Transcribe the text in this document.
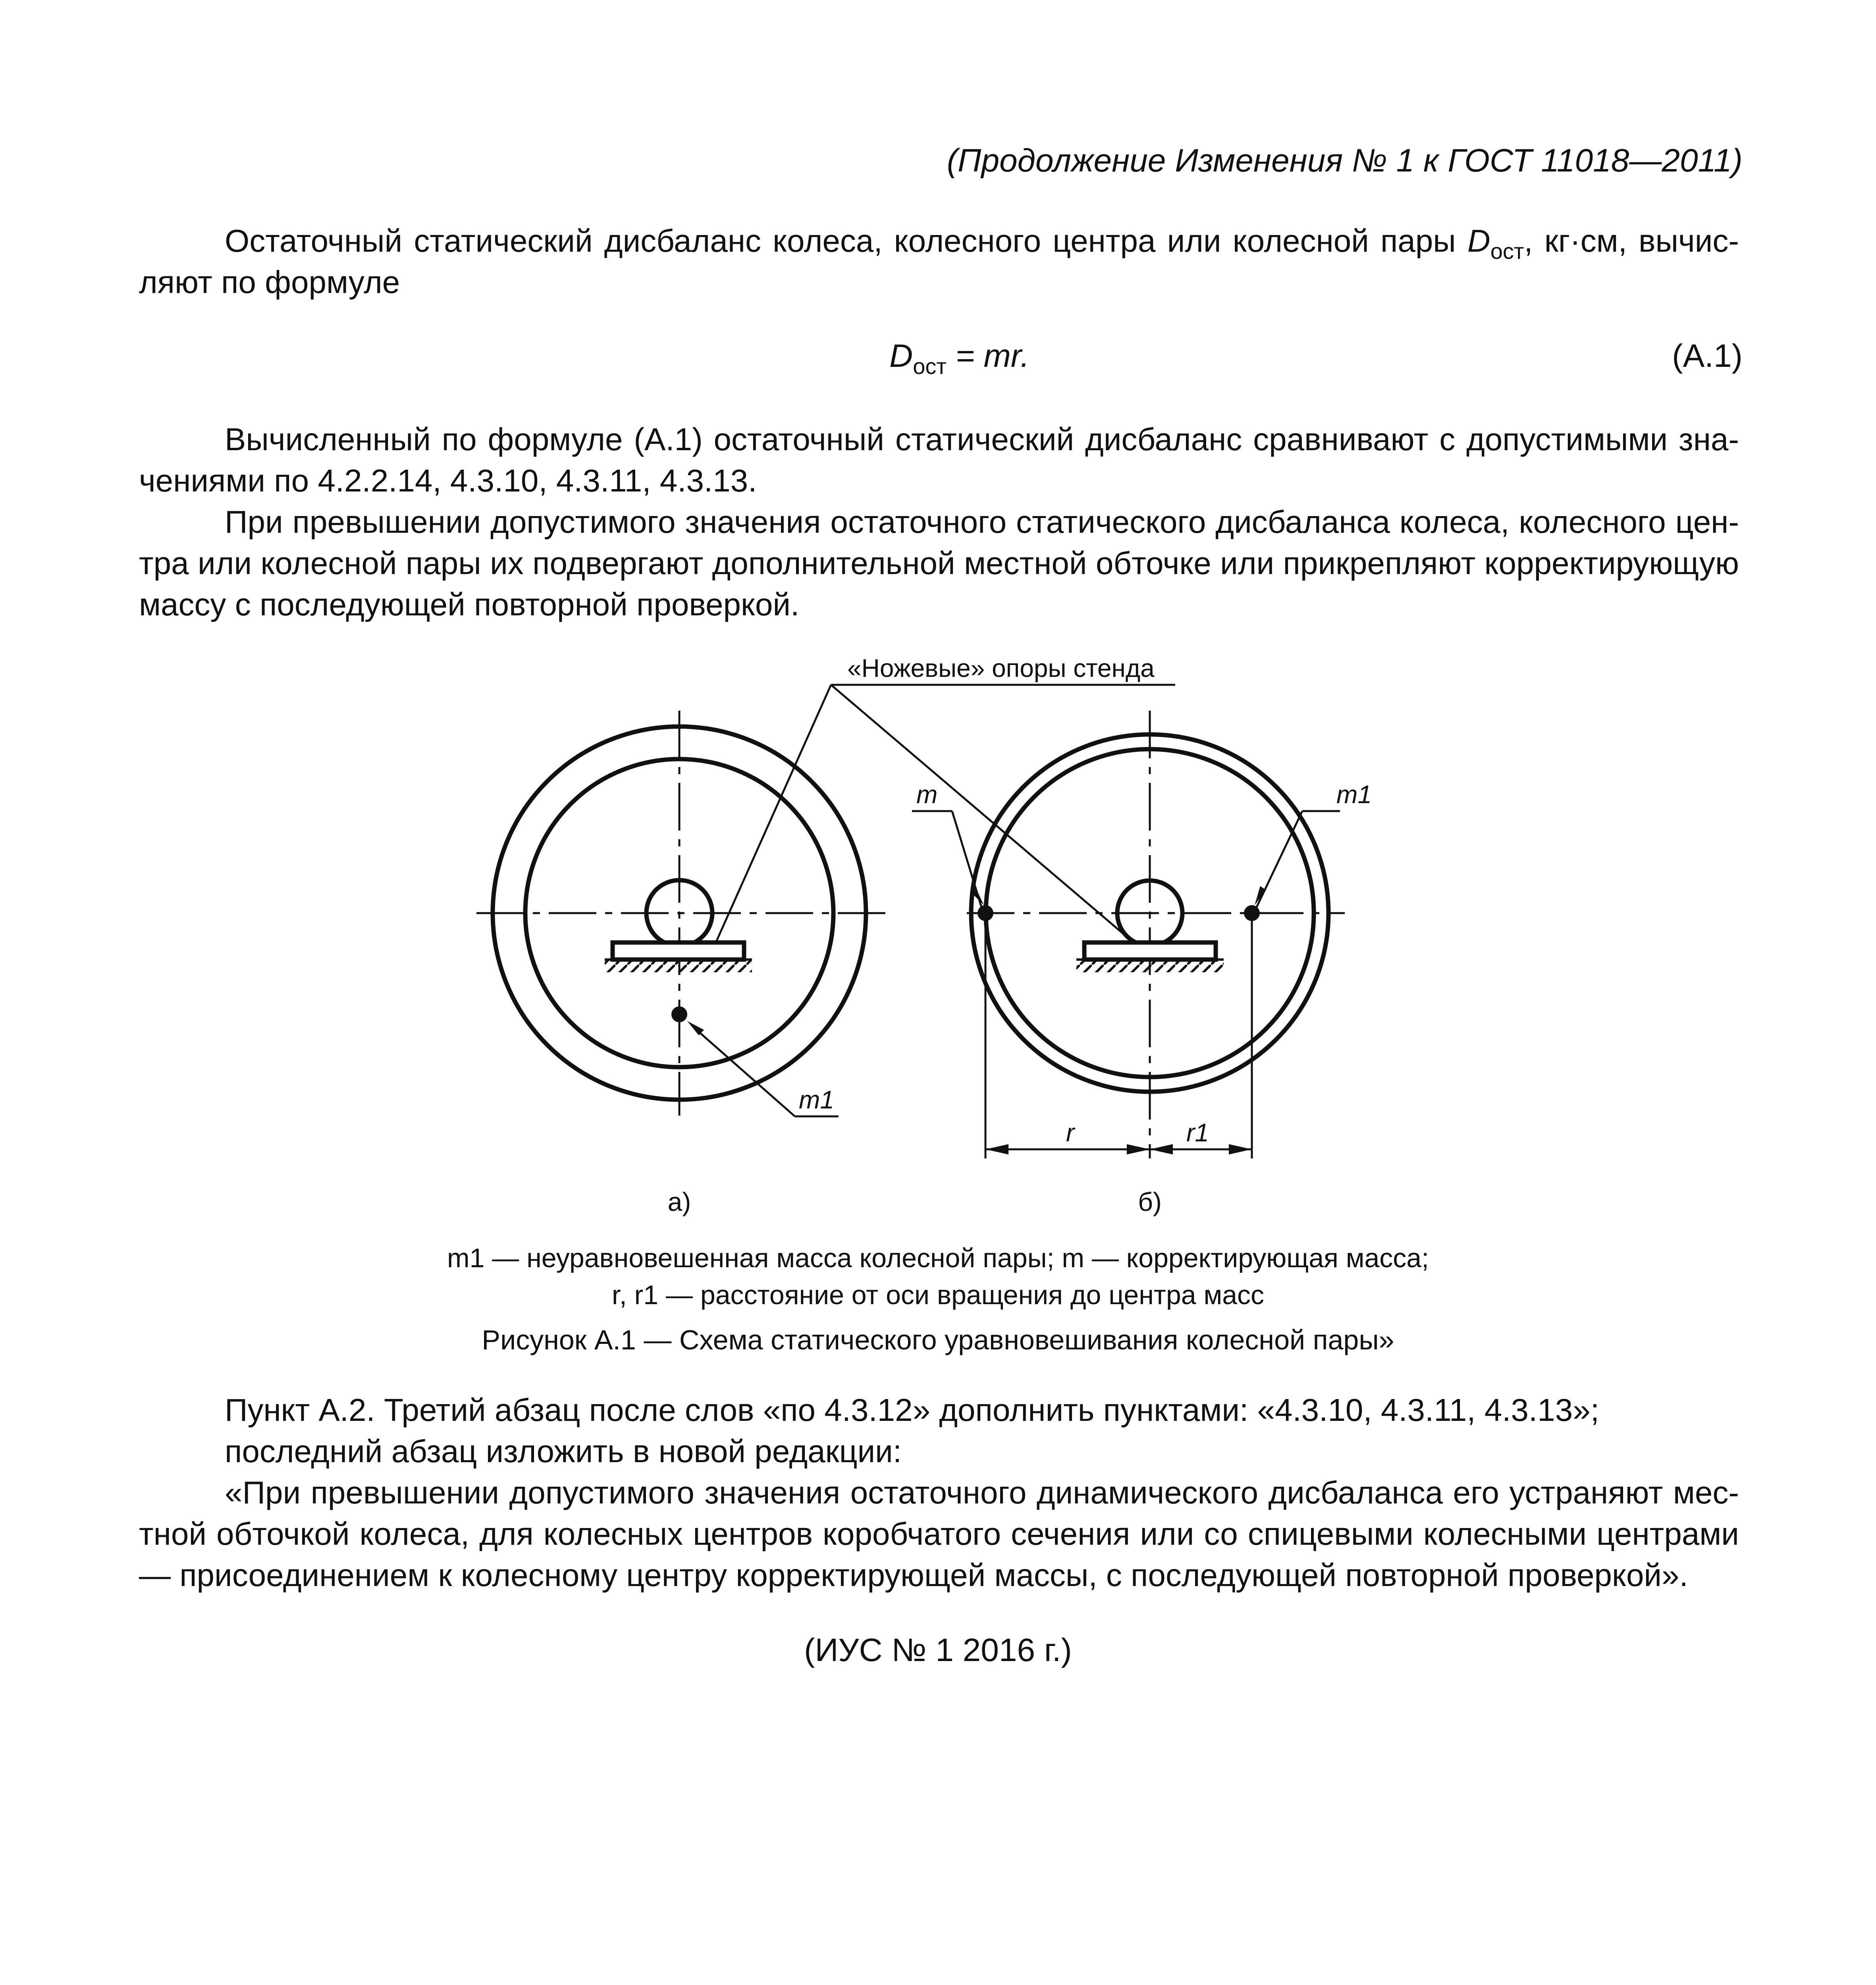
(Продолжение Изменения № 1 к ГОСТ 11018—2011)
Остаточный статический дисбаланс колеса, колесного центра или колесной пары $D_{ост}$, кг·см, вычис-ляют по формуле
$D_{ост}$ = mr.	(А.1)
Вычисленный по формуле (А.1) остаточный статический дисбаланс сравнивают с допустимыми зна-чениями по 4.2.2.14, 4.3.10, 4.3.11, 4.3.13.
При превышении допустимого значения остаточного статического дисбаланса колеса, колесного цен-тра или колесной пары их подвергают дополнительной местной обточке или прикрепляют корректирующую массу с последующей повторной проверкой.
«Ножевые» опоры стенда
m	m1
m1
r	r1
а)	б)
m1 — неуравновешенная масса колесной пары; m — корректирующая масса;
r, r1 — расстояние от оси вращения до центра масс
Рисунок А.1 — Схема статического уравновешивания колесной пары»
Пункт А.2. Третий абзац после слов «по 4.3.12» дополнить пунктами: «4.3.10, 4.3.11, 4.3.13»;
последний абзац изложить в новой редакции:
«При превышении допустимого значения остаточного динамического дисбаланса его устраняют мес-тной обточкой колеса, для колесных центров коробчатого сечения или со спицевыми колесными центрами — присоединением к колесному центру корректирующей массы, с последующей повторной проверкой».
(ИУС № 1 2016 г.)
